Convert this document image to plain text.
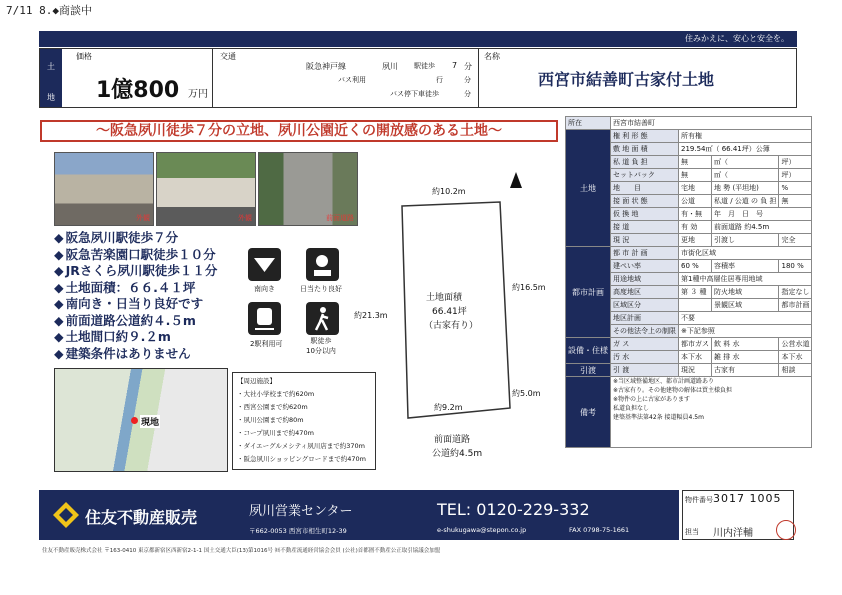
7/11 8.◆商談中
住みかえに、安心と安全を。
土
地
価格
1億800 万円
交通
阪急神戸線	夙川 駅徒歩 7 分
バス利用	行	分
バス停下車徒歩	分
名称
西宮市結善町古家付土地
〜阪急夙川徒歩７分の立地、夙川公園近くの開放感のある土地〜
外観	外観	前面道路
◆ 阪急夙川駅徒歩７分
◆ 阪急苦楽園口駅徒歩１０分
◆ JRさくら夙川駅徒歩１１分
◆ 土地面積：６６.４１坪
◆ 南向き・日当り良好です
◆ 前面道路公道約４.５m
◆ 土地間口約９.２m
◆ 建築条件はありません
南向き	日当たり良好
2駅利用可	駅徒歩
10分以内
現地
【周辺施設】
・大社小学校まで約620m
・西宮公園まで約620m
・夙川公園まで約80m
・コープ夙川まで約470m
・ダイエーグルメシティ夙川店まで約370m
・阪急夙川ショッピングロードまで約470m
約10.2m
約16.5m
約21.3m
約9.2m
約5.0m
土地面積
66.41坪
（古家有り）
前面道路
公道約4.5m
所在	西宮市結善町			
土地	権 利 形 態	所有権		
	敷 地 面 積	219.54㎡（ 66.41坪）公簿		
	私 道 負 担	無	㎡（	坪）
	セットバック	無	㎡（	坪）
	地　　目	宅地	地 勢 (平坦地)	%
	接 面 状 態	公道	私道 / 公道 の 負 担	無
	仮 換 地	有・無	年　月　日　号	
	接 道	有 効	前面道路 約4.5m	
	現 況	更地	引渡し	完全
都市計画	都 市 計 画	市街化区域		
	建ぺい率	60 %	容積率	180 %
	用途地域	第1種中高層住居専用地域		
	高度地区	第 ３ 種	防火地域	指定なし
	区域区分		景観区域	都市計画
	地区計画	不要		
	その他法令上の制限	※下記参照		
設備・住様	ガ ス	都市ガス	飲 料 水	公営水道
	汚 水	本下水	雑 排 水	本下水
引渡	引 渡	現況	古家有	相談
備考	※当区域整備地区、都市計画道路あり
※古家有り。その他建物の解体は買主様負担
※物件の上に古家があります
私道負担なし
建築基準法第42条 接道幅員4.5m			
住友不動産販売	夙川営業センター
〒662-0053 西宮市相生町12-39
TEL: 0120-229-332
e-shukugawa@stepon.co.jp	FAX 0798-75-1661
物件番号 3017 1005
担当 川内洋輔
住友不動産販売株式会社 〒163-0410 東京都新宿区西新宿2-1-1 国土交通大臣(13)第1016号 ㈳不動産流通経営協会会員 (公社)首都圏不動産公正取引協議会加盟
